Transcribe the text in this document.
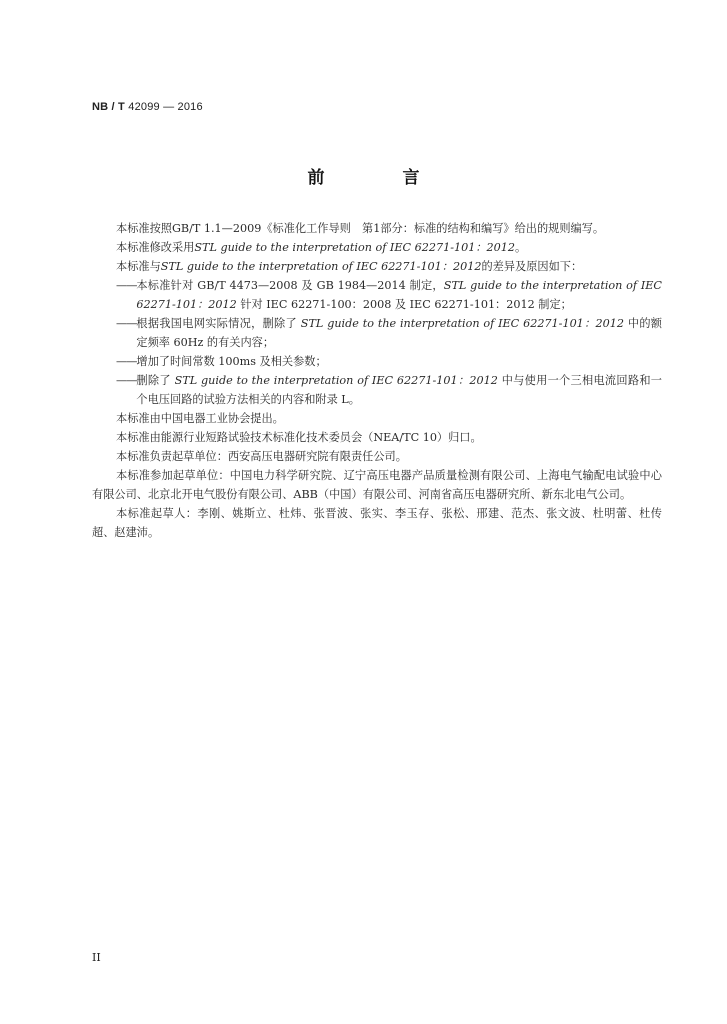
NB / T 42099 — 2016
前 言

本标准按照GB/T 1.1—2009《标准化工作导则　第1部分：标准的结构和编写》给出的规则编写。

本标准修改采用STL guide to the interpretation of IEC 62271-101：2012。

本标准与STL guide to the interpretation of IEC 62271-101：2012的差异及原因如下：

—— 本标准针对 GB/T 4473—2008 及 GB 1984—2014 制定，STL guide to the interpretation of IEC 62271-101：2012 针对 IEC 62271-100：2008 及 IEC 62271-101：2012 制定；
—— 根据我国电网实际情况，删除了 STL guide to the interpretation of IEC 62271-101：2012 中的额定频率 60Hz 的有关内容；
—— 增加了时间常数 100ms 及相关参数；
—— 删除了 STL guide to the interpretation of IEC 62271-101：2012 中与使用一个三相电流回路和一个电压回路的试验方法相关的内容和附录 L。

本标准由中国电器工业协会提出。

本标准由能源行业短路试验技术标准化技术委员会（NEA/TC 10）归口。

本标准负责起草单位：西安高压电器研究院有限责任公司。

本标准参加起草单位：中国电力科学研究院、辽宁高压电器产品质量检测有限公司、上海电气输配电试验中心有限公司、北京北开电气股份有限公司、ABB（中国）有限公司、河南省高压电器研究所、新东北电气公司。

本标准起草人：李刚、姚斯立、杜炜、张晋波、张实、李玉存、张松、邢建、范杰、张文波、杜明蕾、杜传超、赵建沛。

II
